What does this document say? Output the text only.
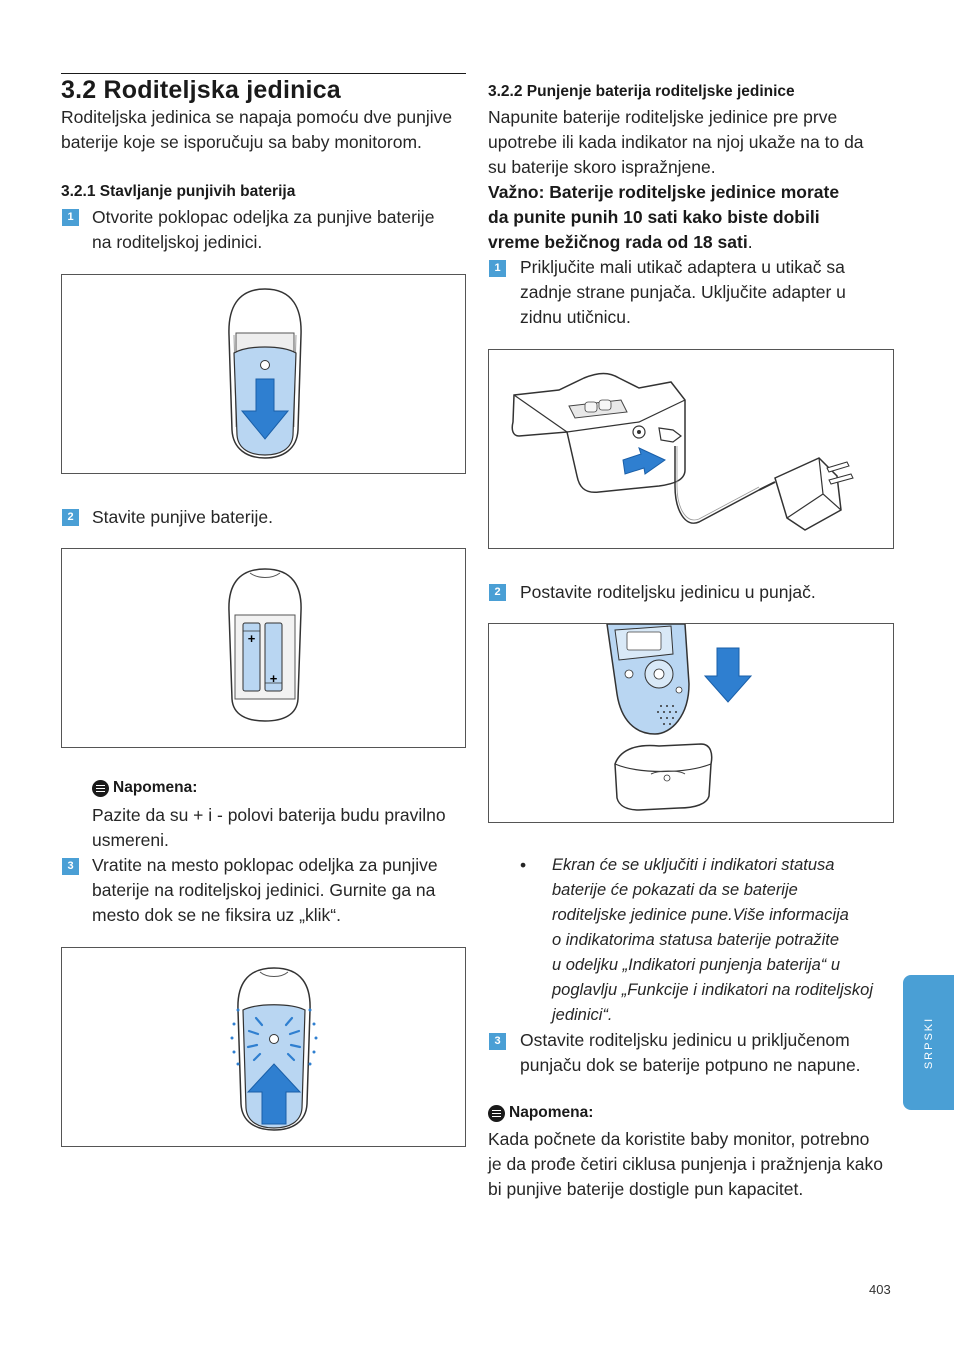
3.2 Roditeljska jedinica
Roditeljska jedinica se napaja pomoću dve punjive
baterije koje se isporučuju sa baby monitorom.
3.2.1 Stavljanje punjivih baterija
1	Otvorite poklopac odeljka za punjive baterije
na roditeljskoj jedinici.
2	Stavite punjive baterije.
+
+
Napomena:
Pazite da su + i - polovi baterija budu pravilno
usmereni.
3	Vratite na mesto poklopac odeljka za punjive
baterije na roditeljskoj jedinici. Gurnite ga na
mesto dok se ne fiksira uz „klik“.
3.2.2 Punjenje baterija roditeljske jedinice
Napunite baterije roditeljske jedinice pre prve
upotrebe ili kada indikator na njoj ukaže na to da
su baterije skoro ispražnjene.
Važno: Baterije roditeljske jedinice morate
da punite punih 10 sati kako biste dobili
vreme bežičnog rada od 18 sati.
1	Priključite mali utikač adaptera u utikač sa
zadnje strane punjača. Uključite adapter u
zidnu utičnicu.
2	Postavite roditeljsku jedinicu u punjač.
• Ekran će se uključiti i indikatori statusa
baterije će pokazati da se baterije
roditeljske jedinice pune.Više informacija
o indikatorima statusa baterije potražite
u odeljku „Indikatori punjenja baterija“ u
poglavlju „Funkcije i indikatori na roditeljskoj
jedinici“.
3	Ostavite roditeljsku jedinicu u priključenom
punjaču dok se baterije potpuno ne napune.
Napomena:
Kada počnete da koristite baby monitor, potrebno
je da prođe četiri ciklusa punjenja i pražnjenja kako
bi punjive baterije dostigle pun kapacitet.
SRPSKI
403
